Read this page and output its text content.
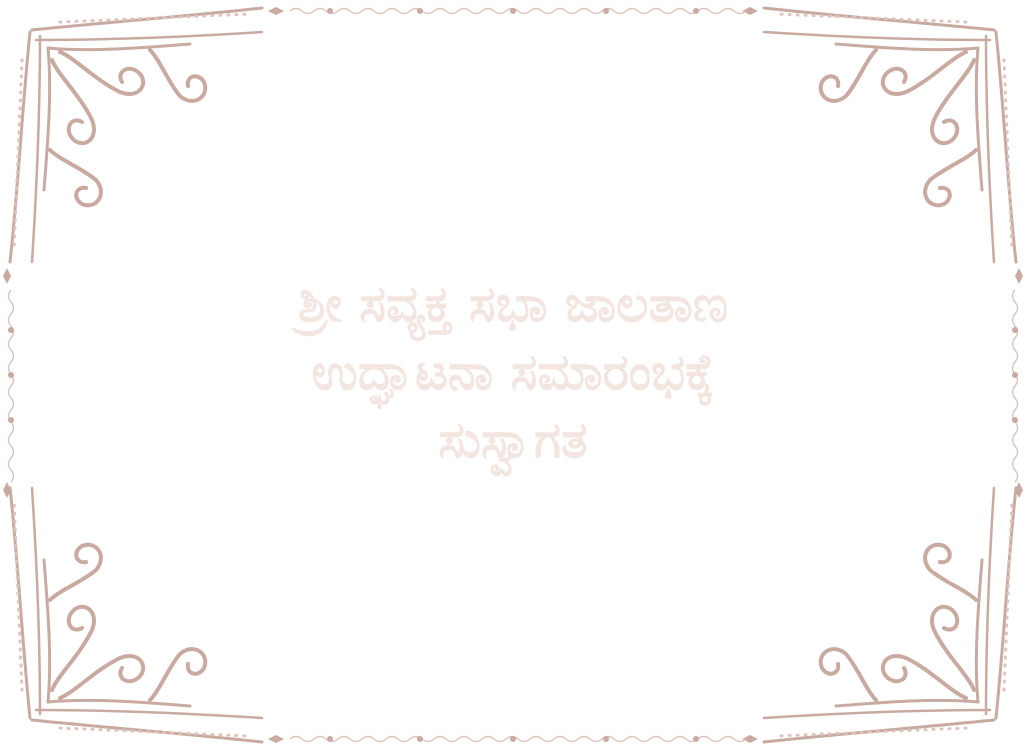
ಶ್ರೀ ಸವ್ಯಕ್ತ ಸಭಾ ಜಾಲತಾಣ
ಉದ್ಘಾಟನಾ ಸಮಾರಂಭಕ್ಕೆ
ಸುಸ್ವಾಗತ
